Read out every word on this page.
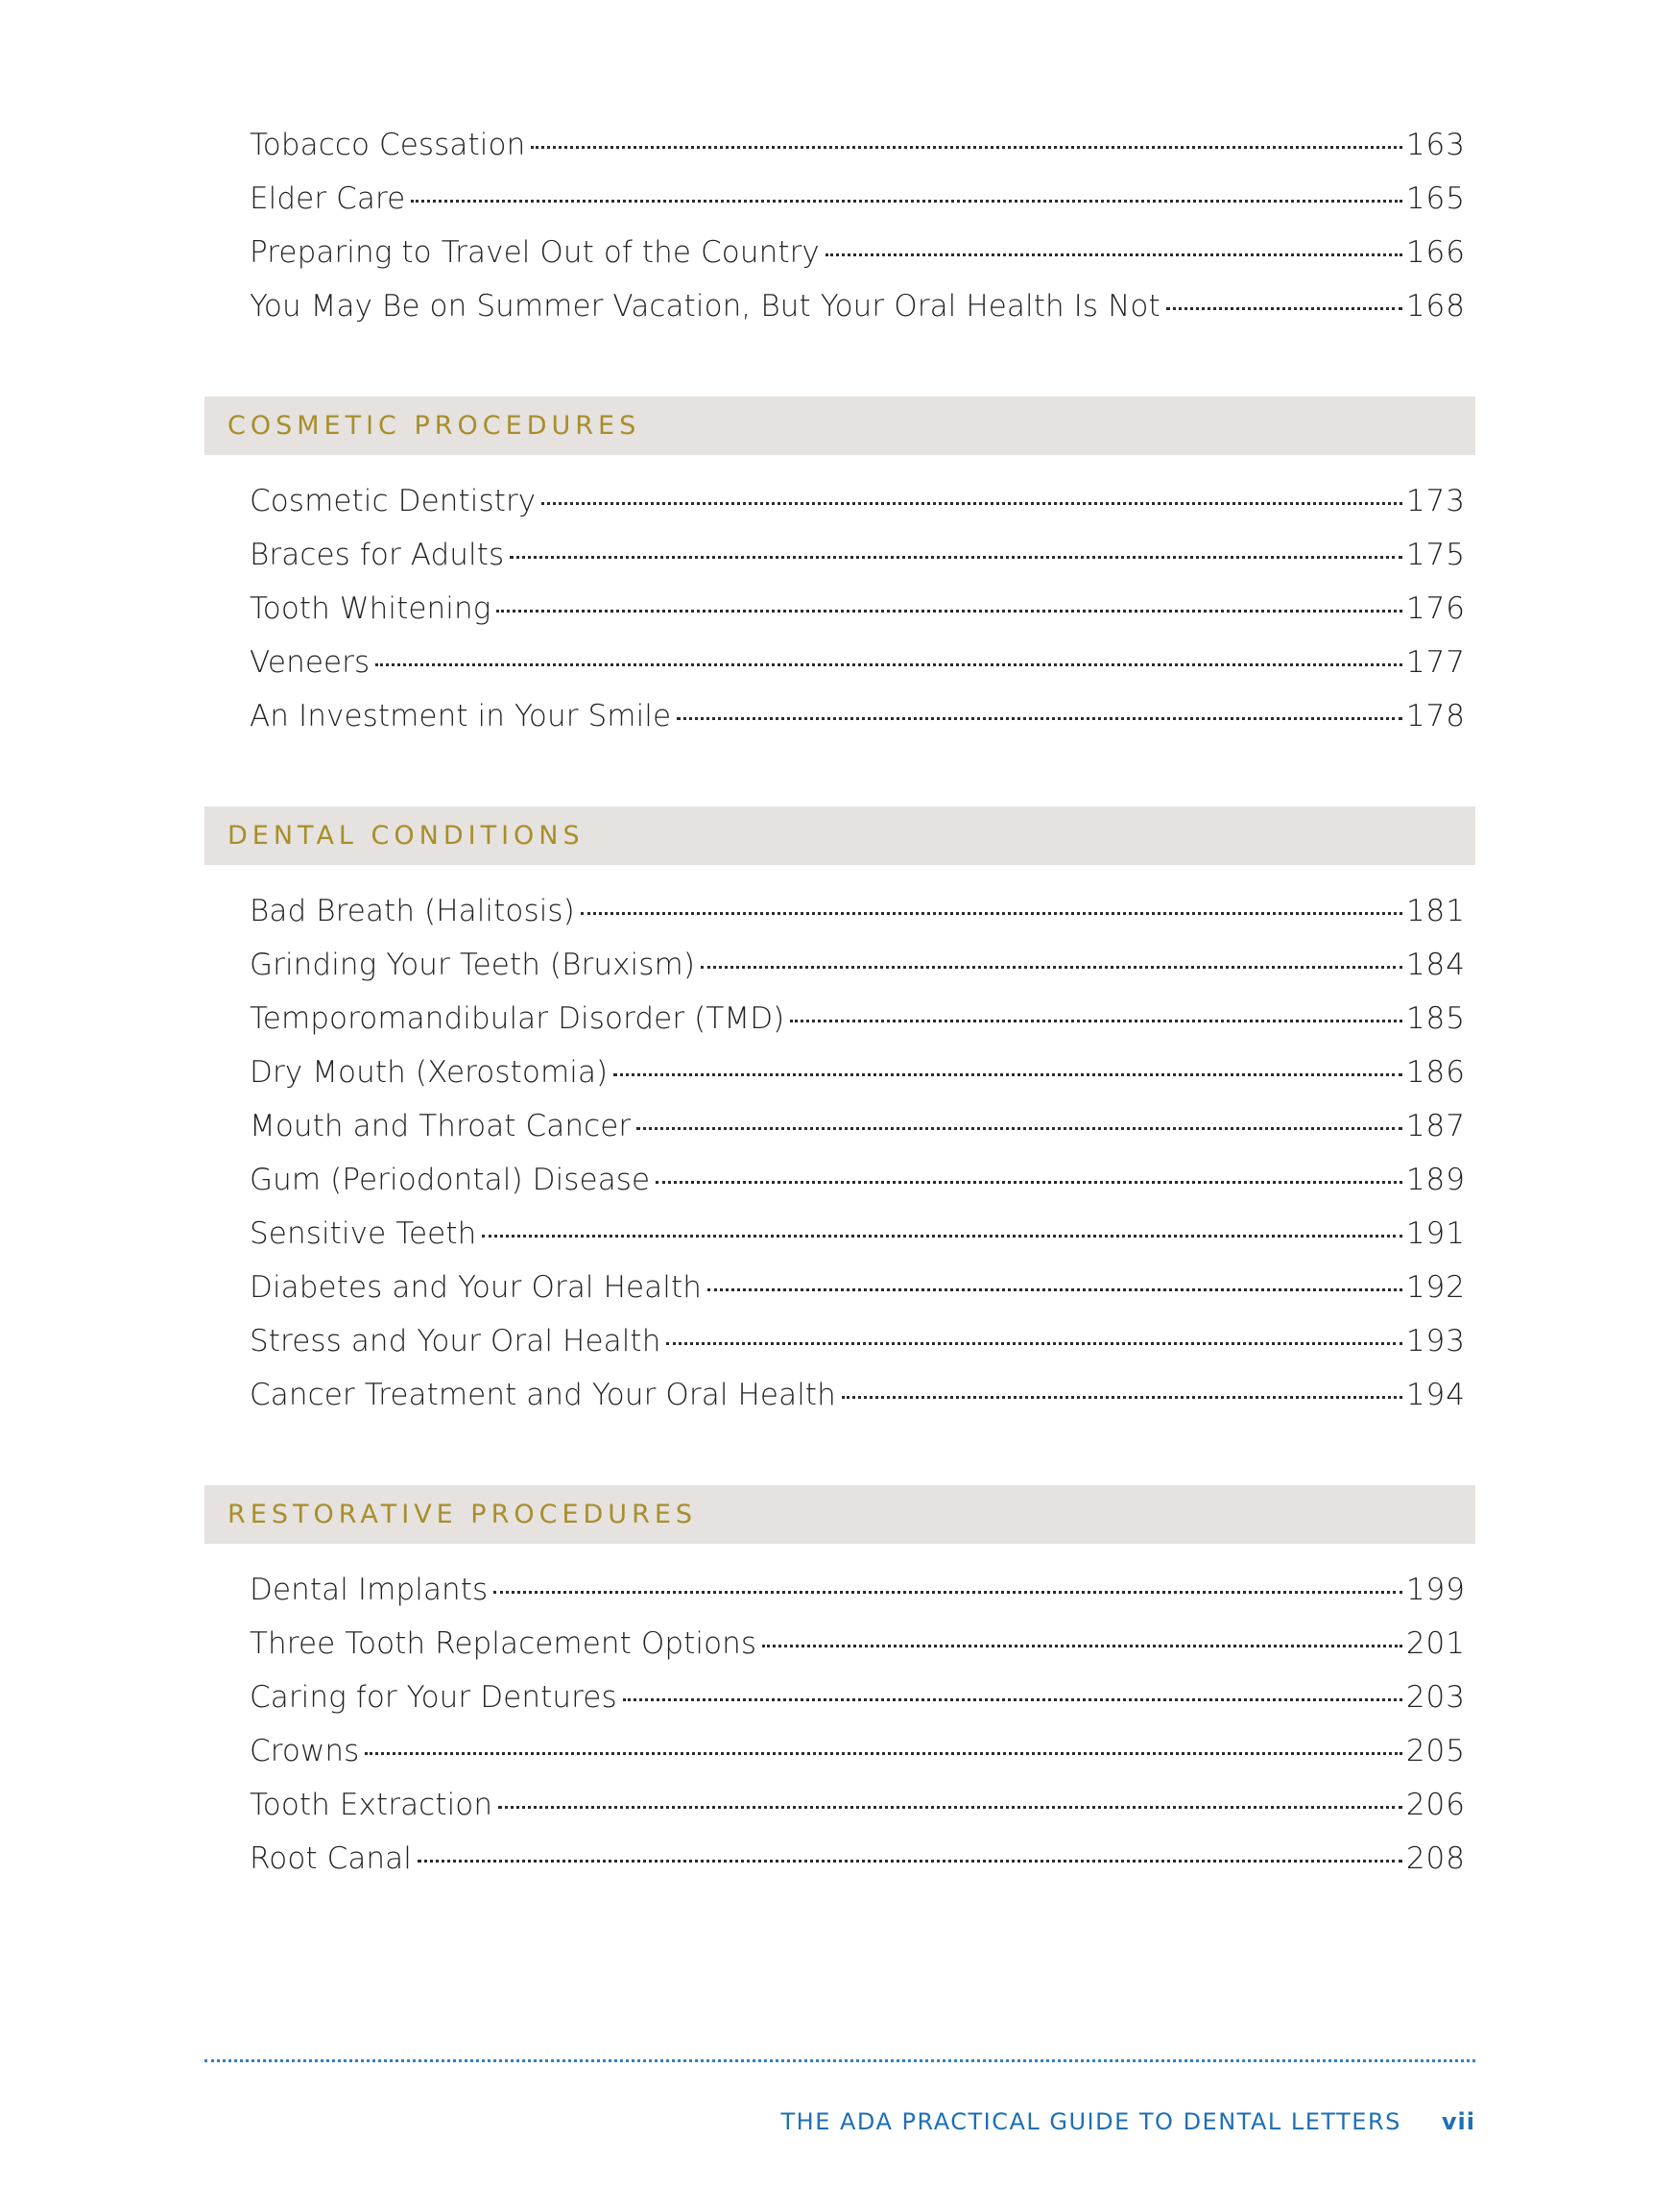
Tobacco Cessation	163
Elder Care	165
Preparing to Travel Out of the Country	166
You May Be on Summer Vacation, But Your Oral Health Is Not	168
COSMETIC PROCEDURES
Cosmetic Dentistry	173
Braces for Adults	175
Tooth Whitening	176
Veneers	177
An Investment in Your Smile	178
DENTAL CONDITIONS
Bad Breath (Halitosis)	181
Grinding Your Teeth (Bruxism)	184
Temporomandibular Disorder (TMD)	185
Dry Mouth (Xerostomia)	186
Mouth and Throat Cancer	187
Gum (Periodontal) Disease	189
Sensitive Teeth	191
Diabetes and Your Oral Health	192
Stress and Your Oral Health	193
Cancer Treatment and Your Oral Health	194
RESTORATIVE PROCEDURES
Dental Implants	199
Three Tooth Replacement Options	201
Caring for Your Dentures	203
Crowns	205
Tooth Extraction	206
Root Canal	208
THE ADA PRACTICAL GUIDE TO DENTAL LETTERS vii
